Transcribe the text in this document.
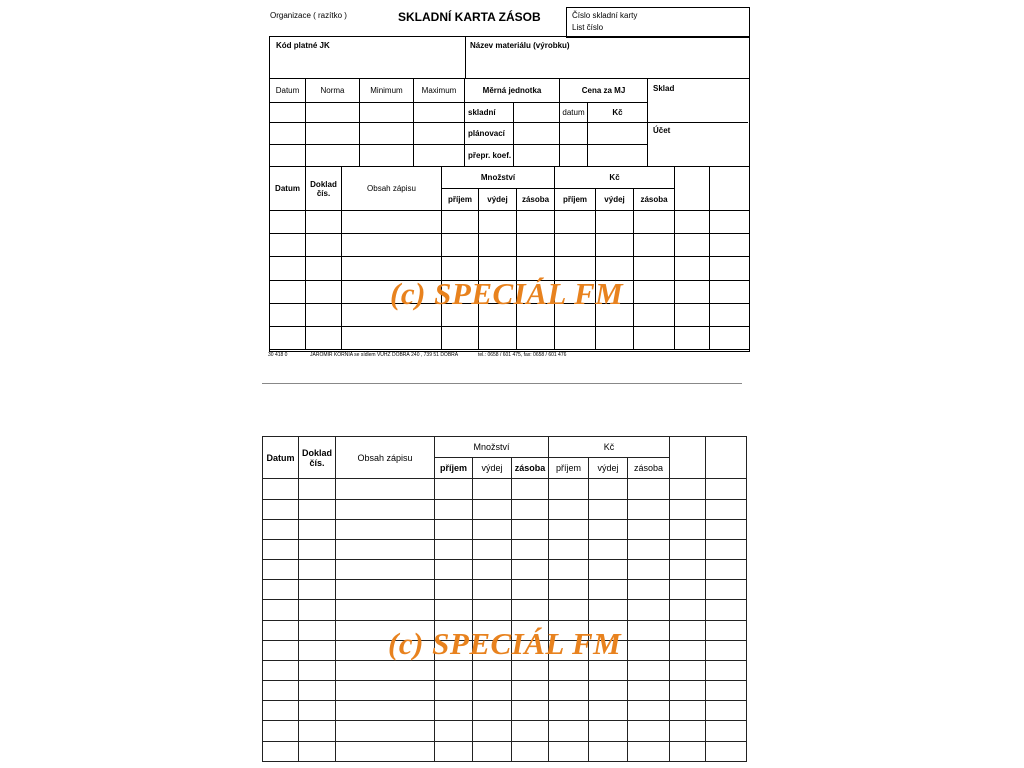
Organizace ( razítko )	SKLADNÍ KARTA ZÁSOB	Číslo skladní karty
List číslo
Kód platné JK	Název materiálu (výrobku)
Datum	Norma	Minimum	Maximum	Měrná jednotka		Cena za MJ	
				skladní		datum	Kč
				plánovací			
				přepr. koef.			
Sklad
Účet
Datum	Doklad čís.	Obsah zápisu	Množství			Kč				
			příjem	výdej	zásoba	příjem	výdej	zásoba		

(c) SPECIÁL FM
30 418 0	JAROMÍR KORNIA se sídlem VÚHŽ DOBRÁ 240 , 739 51 DOBRÁ	tel.: 0658 / 601 475, fax: 0658 / 601 476
Datum	Doklad čís.	Obsah zápisu	Množství			Kč				
			příjem	výdej	zásoba	příjem	výdej	zásoba		

(c) SPECIÁL FM
